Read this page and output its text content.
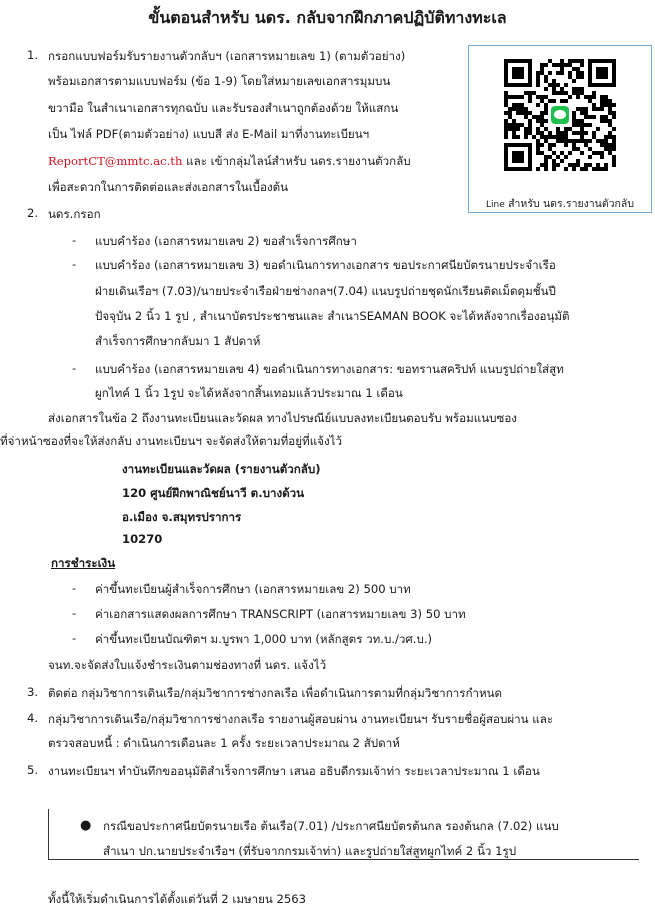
ขั้นตอนสำหรับ นดร. กลับจากฝึกภาคปฏิบัติทางทะเล
1. กรอกแบบฟอร์มรับรายงานตัวกลับฯ (เอกสารหมายเลข 1) (ตามตัวอย่าง)
พร้อมเอกสารตามแบบฟอร์ม (ข้อ 1-9) โดยใส่หมายเลขเอกสารมุมบน
ขวามือ ในสำเนาเอกสารทุกฉบับ และรับรองสำเนาถูกต้องด้วย ให้แสกน
เป็น ไฟล์ PDF(ตามตัวอย่าง) แบบสี ส่ง E-Mail มาที่งานทะเบียนฯ
ReportCT@mmtc.ac.th และ เข้ากลุ่มไลน์สำหรับ นดร.รายงานตัวกลับ
เพื่อสะดวกในการติดต่อและส่งเอกสารในเบื้องต้น
Line สำหรับ นดร.รายงานตัวกลับ
2. นดร.กรอก
- แบบคำร้อง (เอกสารหมายเลข 2) ขอสำเร็จการศึกษา
- แบบคำร้อง (เอกสารหมายเลข 3) ขอดำเนินการทางเอกสาร ขอประกาศนียบัตรนายประจำเรือ
ฝ่ายเดินเรือฯ (7.03)/นายประจำเรือฝ่ายช่างกลฯ(7.04) แนบรูปถ่ายชุดนักเรียนติดเม็ดดุมชั้นปี
ปัจจุบัน 2 นิ้ว 1 รูป , สำเนาบัตรประชาชนและ สำเนาSEAMAN BOOK จะได้หลังจากเรื่องอนุมัติ
สำเร็จการศึกษากลับมา 1 สัปดาห์
- แบบคำร้อง (เอกสารหมายเลข 4) ขอดำเนินการทางเอกสาร: ขอทรานสคริปท์ แนบรูปถ่ายใส่สูท
ผูกไทค์ 1 นิ้ว 1รูป จะได้หลังจากสิ้นเทอมแล้วประมาณ 1 เดือน
ส่งเอกสารในข้อ 2 ถึงงานทะเบียนและวัดผล ทางไปรษณีย์แบบลงทะเบียนตอบรับ พร้อมแนบซอง
ที่จ่าหน้าซองที่จะให้ส่งกลับ งานทะเบียนฯ จะจัดส่งให้ตามที่อยู่ที่แจ้งไว้
งานทะเบียนและวัดผล (รายงานตัวกลับ)
120 ศูนย์ฝึกพาณิชย์นาวี ต.บางด้วน
อ.เมือง จ.สมุทรปราการ
10270
การชำระเงิน
- ค่าขึ้นทะเบียนผู้สำเร็จการศึกษา (เอกสารหมายเลข 2) 500 บาท
- ค่าเอกสารแสดงผลการศึกษา TRANSCRIPT (เอกสารหมายเลข 3) 50 บาท
- ค่าขึ้นทะเบียนบัณฑิตฯ ม.บูรพา 1,000 บาท (หลักสูตร วท.บ./วศ.บ.)
จนท.จะจัดส่งใบแจ้งชำระเงินตามช่องทางที่ นดร. แจ้งไว้
3. ติดต่อ กลุ่มวิชาการเดินเรือ/กลุ่มวิชาการช่างกลเรือ เพื่อดำเนินการตามที่กลุ่มวิชาการกำหนด
4. กลุ่มวิชาการเดินเรือ/กลุ่มวิชาการช่างกลเรือ รายงานผู้สอบผ่าน งานทะเบียนฯ รับรายชื่อผู้สอบผ่าน และ
ตรวจสอบหนี้ : ดำเนินการเดือนละ 1 ครั้ง ระยะเวลาประมาณ 2 สัปดาห์
5. งานทะเบียนฯ ทำบันทึกขออนุมัติสำเร็จการศึกษา เสนอ อธิบดีกรมเจ้าท่า ระยะเวลาประมาณ 1 เดือน
● กรณีขอประกาศนียบัตรนายเรือ ต้นเรือ(7.01) /ประกาศนียบัตรต้นกล รองต้นกล (7.02) แนบ
สำเนา ปก.นายประจำเรือฯ (ที่รับจากกรมเจ้าท่า) และรูปถ่ายใส่สูทผูกไทค์ 2 นิ้ว 1รูป
ทั้งนี้ให้เริ่มดำเนินการได้ตั้งแต่วันที่ 2 เมษายน 2563
